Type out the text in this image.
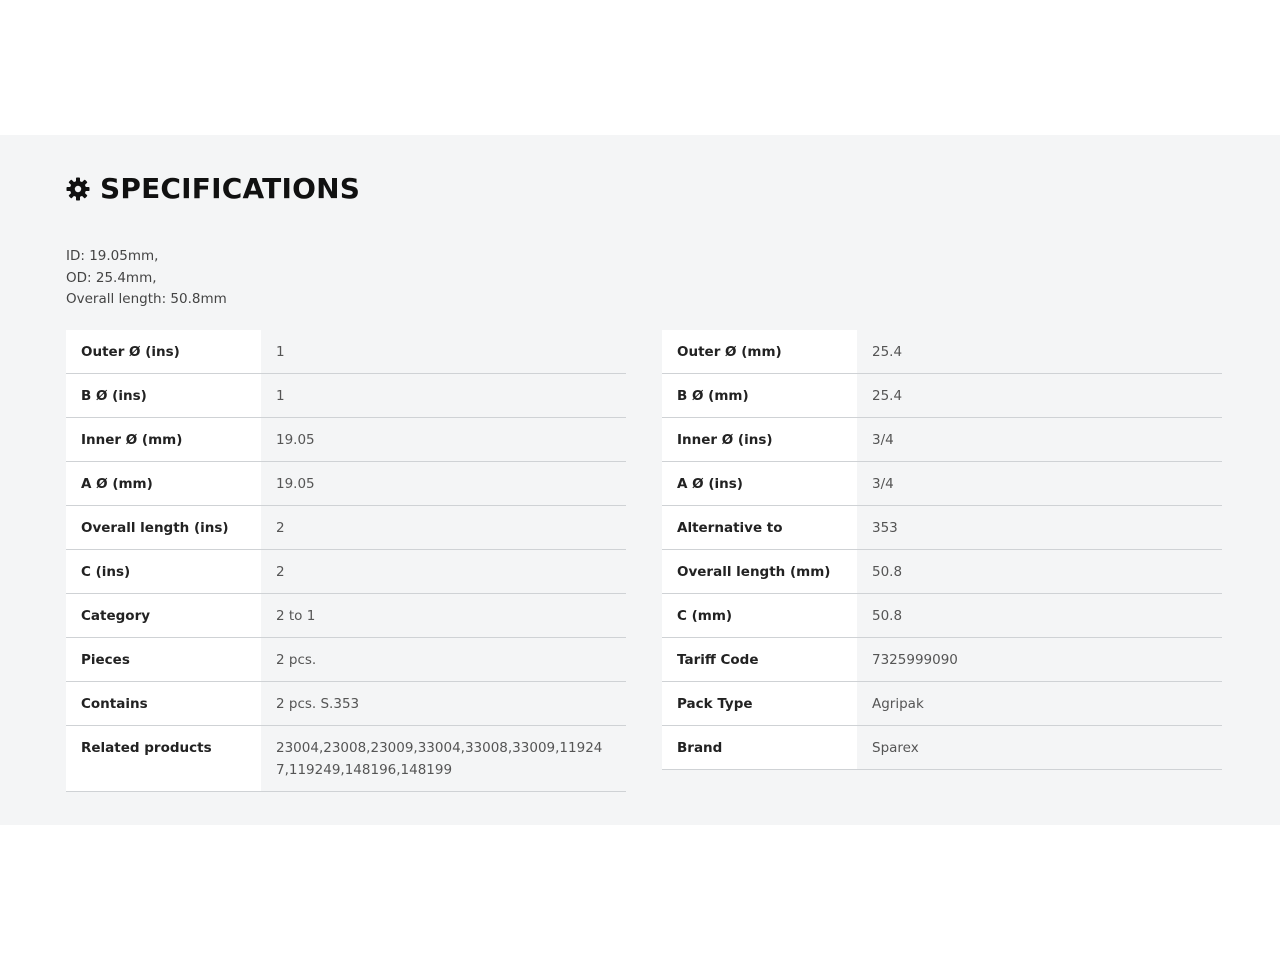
SPECIFICATIONS
ID: 19.05mm,
OD: 25.4mm,
Overall length: 50.8mm
Outer Ø (ins)	1
B Ø (ins)	1
Inner Ø (mm)	19.05
A Ø (mm)	19.05
Overall length (ins)	2
C (ins)	2
Category	2 to 1
Pieces	2 pcs.
Contains	2 pcs. S.353
Related products	23004,23008,23009,33004,33008,33009,119247,119249,148196,148199
Outer Ø (mm)	25.4
B Ø (mm)	25.4
Inner Ø (ins)	3/4
A Ø (ins)	3/4
Alternative to	353
Overall length (mm)	50.8
C (mm)	50.8
Tariff Code	7325999090
Pack Type	Agripak
Brand	Sparex
